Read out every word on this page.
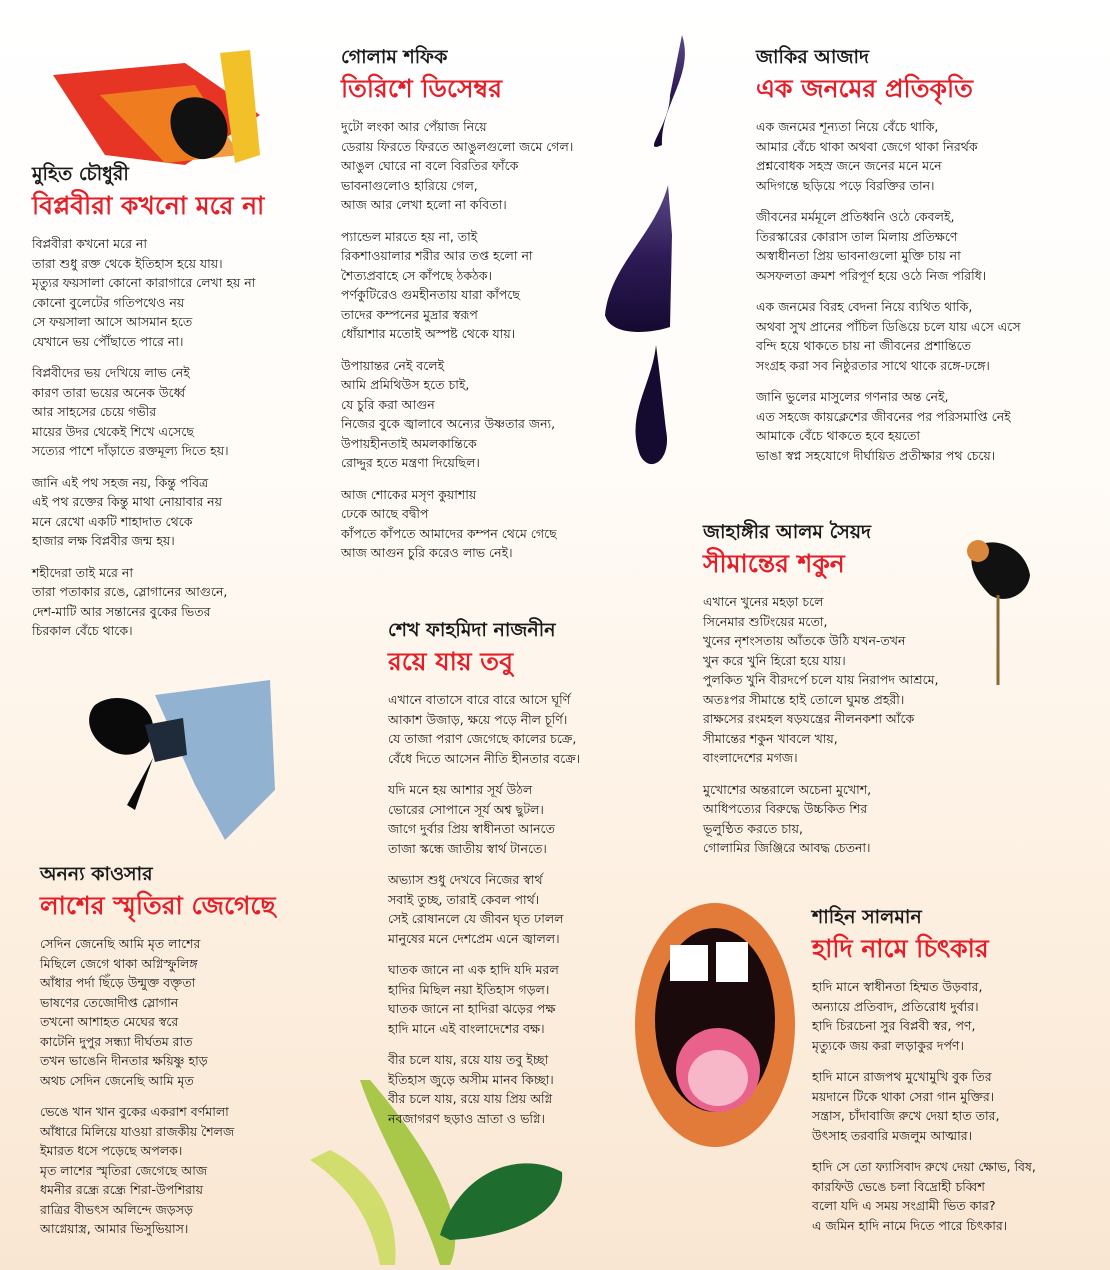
মুহিত চৌধুরী
বিপ্লবীরা কখনো মরে না
বিপ্লবীরা কখনো মরে না
তারা শুধু রক্ত থেকে ইতিহাস হয়ে যায়।
মৃত্যুর ফয়সালা কোনো কারাগারে লেখা হয় না
কোনো বুলেটের গতিপথেও নয়
সে ফয়সালা আসে আসমান হতে
যেখানে ভয় পৌঁছাতে পারে না।
বিপ্লবীদের ভয় দেখিয়ে লাভ নেই
কারণ তারা ভয়ের অনেক উর্ধ্বে
আর সাহসের চেয়ে গভীর
মায়ের উদর থেকেই শিখে এসেছে
সত্যের পাশে দাঁড়াতে রক্তমূল্য দিতে হয়।
জানি এই পথ সহজ নয়, কিন্তু পবিত্র
এই পথ রক্তের কিন্তু মাথা নোয়াবার নয়
মনে রেখো একটি শাহাদাত থেকে
হাজার লক্ষ বিপ্লবীর জন্ম হয়।
শহীদেরা তাই মরে না
তারা পতাকার রঙে, স্লোগানের আগুনে,
দেশ-মাটি আর সন্তানের বুকের ভিতর
চিরকাল বেঁচে থাকে।
গোলাম শফিক
তিরিশে ডিসেম্বর
দুটো লংকা আর পেঁয়াজ নিয়ে
ডেরায় ফিরতে ফিরতে আঙুলগুলো জমে গেল।
আঙুল ঘোরে না বলে বিরতির ফাঁকে
ভাবনাগুলোও হারিয়ে গেল,
আজ আর লেখা হলো না কবিতা।
প্যান্ডেল মারতে হয় না, তাই
রিকশাওয়ালার শরীর আর তপ্ত হলো না
শৈত্যপ্রবাহে সে কাঁপছে ঠকঠক।
পর্ণকুটিরেও গুমহীনতায় যারা কাঁপছে
তাদের কম্পনের মুদ্রার স্বরূপ
ধোঁয়াশার মতোই অস্পষ্ট থেকে যায়।
উপায়ান্তর নেই বলেই
আমি প্রমিথিউস হতে চাই,
যে চুরি করা আগুন
নিজের বুকে জ্বালাবে অন্যের উষ্ণতার জন্য,
উপায়হীনতাই অমলকান্তিকে
রোদ্দুর হতে মন্ত্রণা দিয়েছিল।
আজ শোকের মসৃণ কুয়াশায়
ঢেকে আছে বদ্বীপ
কাঁপতে কাঁপতে আমাদের কম্পন থেমে গেছে
আজ আগুন চুরি করেও লাভ নেই।
জাকির আজাদ
এক জনমের প্রতিকৃতি
এক জনমের শূন্যতা নিয়ে বেঁচে থাকি,
আমার বেঁচে থাকা অথবা জেগে থাকা নিরর্থক
প্রশ্নবোধক সহস্র জনে জনের মনে মনে
অদিগন্তে ছড়িয়ে পড়ে বিরক্তির তান।
জীবনের মর্মমূলে প্রতিধ্বনি ওঠে কেবলই,
তিরস্কারের কোরাস তাল মিলায় প্রতিক্ষণে
অস্বাধীনতা প্রিয় ভাবনাগুলো মুক্তি চায় না
অসফলতা ক্রমশ পরিপূর্ণ হয়ে ওঠে নিজ পরিধি।
এক জনমের বিরহ বেদনা নিয়ে ব্যথিত থাকি,
অথবা সুখ প্রানের পাঁচিল ডিঙিয়ে চলে যায় এসে এসে
বন্দি হয়ে থাকতে চায় না জীবনের প্রশান্তিতে
সংগ্রহ করা সব নিষ্ঠুরতার সাথে থাকে রঙ্গে-ঢঙ্গে।
জানি ভুলের মাসুলের গণনার অন্ত নেই,
এত সহজে কায়ক্লেশের জীবনের পর পরিসমাপ্তি নেই
আমাকে বেঁচে থাকতে হবে হয়তো
ভাঙা স্বপ্ন সহযোগে দীর্ঘায়িত প্রতীক্ষার পথ চেয়ে।
জাহাঙ্গীর আলম সৈয়দ
সীমান্তের শকুন
এখানে খুনের মহড়া চলে
সিনেমার শুটিংয়ের মতো,
খুনের নৃশংসতায় আঁতকে উঠি যখন-তখন
খুন করে খুনি হিরো হয়ে যায়।
পুলকিত খুনি বীরদর্পে চলে যায় নিরাপদ আশ্রমে,
অতঃপর সীমান্তে হাই তোলে ঘুমন্ত প্রহরী।
রাক্ষসের রংমহল ষড়যন্ত্রের নীলনকশা আঁকে
সীমান্তের শকুন খাবলে খায়,
বাংলাদেশের মগজ।
মুখোশের অন্তরালে অচেনা মুখোশ,
আধিপত্যের বিরুদ্ধে উচ্চকিত শির
ভূলুণ্ঠিত করতে চায়,
গোলামির জিঞ্জিরে আবদ্ধ চেতনা।
শেখ ফাহমিদা নাজনীন
রয়ে যায় তবু
এখানে বাতাসে বারে বারে আসে ঘূর্ণি
আকাশ উজাড়, ক্ষয়ে পড়ে নীল চূর্ণি।
যে তাজা পরাণ জেগেছে কালের চক্রে,
বেঁধে দিতে আসেন নীতি হীনতার বক্রে।
যদি মনে হয় আশার সূর্য উঠল
ভোরের সোপানে সূর্য অশ্ব ছুটল।
জাগে দুর্বার প্রিয় স্বাধীনতা আনতে
তাজা স্কন্ধে জাতীয় স্বার্থ টানতে।
অভ্যাস শুধু দেখবে নিজের স্বার্থ
সবাই তুচ্ছ, তারাই কেবল পার্থ।
সেই রোষানলে যে জীবন ঘৃত ঢালল
মানুষের মনে দেশপ্রেম এনে জ্বালল।
ঘাতক জানে না এক হাদি যদি মরল
হাদির মিছিল নয়া ইতিহাস গড়ল।
ঘাতক জানে না হাদিরা ঝড়ের পক্ষ
হাদি মানে এই বাংলাদেশের বক্ষ।
বীর চলে যায়, রয়ে যায় তবু ইচ্ছা
ইতিহাস জুড়ে অসীম মানব কিচ্ছা।
বীর চলে যায়, রয়ে যায় প্রিয় অগ্নি
নবজাগরণ ছড়াও ভ্রাতা ও ভগ্নি।
অনন্য কাওসার
লাশের স্মৃতিরা জেগেছে
সেদিন জেনেছি আমি মৃত লাশের
মিছিলে জেগে থাকা অগ্নিস্ফুলিঙ্গ
আঁধার পর্দা ছিঁড়ে উন্মুক্ত বক্তৃতা
ভাষণের তেজোদীপ্ত স্লোগান
তখনো আশাহত মেঘের স্বরে
কাটেনি দুপুর সন্ধ্যা দীর্ঘতম রাত
তখন ভাঙেনি দীনতার ক্ষয়িষ্ণু হাড়
অথচ সেদিন জেনেছি আমি মৃত
ভেঙে খান খান বুকের একরাশ বর্ণমালা
আঁধারে মিলিয়ে যাওয়া রাজকীয় শৈলজ
ইমারত ধসে পড়েছে অপলক।
মৃত লাশের স্মৃতিরা জেগেছে আজ
ধমনীর রন্ধ্রে রন্ধ্রে শিরা-উপশিরায়
রাত্রির বীভৎস অলিন্দে জড়সড়
আগ্নেয়াস্ত্র, আমার ভিসুভিয়াস।
শাহিন সালমান
হাদি নামে চিৎকার
হাদি মানে স্বাধীনতা হিম্মত উড়বার,
অন্যায়ে প্রতিবাদ, প্রতিরোধ দুর্বার।
হাদি চিরচেনা সুর বিপ্লবী স্বর, পণ,
মৃত্যুকে জয় করা লড়াকুর দর্পণ।
হাদি মানে রাজপথ মুখোমুখি বুক তির
ময়দানে টিকে থাকা সেরা গান মুক্তির।
সন্ত্রাস, চাঁদাবাজি রুখে দেয়া হাত তার,
উৎসাহ তরবারি মজলুম আত্মার।
হাদি সে তো ফ্যাসিবাদ রুখে দেয়া ক্ষোভ, বিষ,
কারফিউ ভেঙে চলা বিদ্রোহী চব্বিশ
বলো যদি এ সময় সংগ্রামী ভিত কার?
এ জমিন হাদি নামে দিতে পারে চিৎকার।
